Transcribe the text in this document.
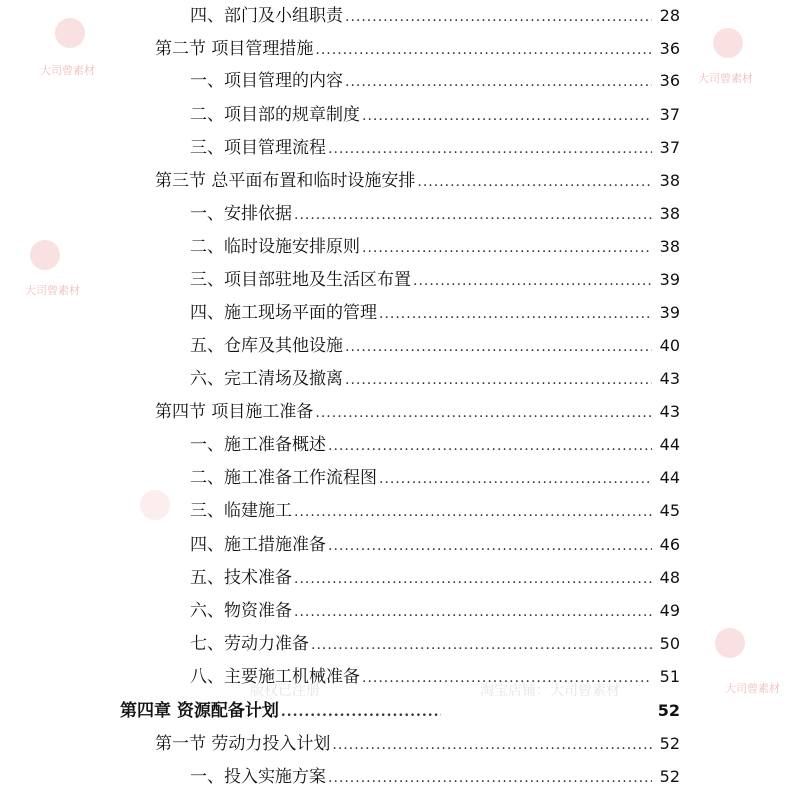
四、部门及小组职责 .....	28
第二节 项目管理措施 .....	36
一、项目管理的内容 .....	36
二、项目部的规章制度 .....	37
三、项目管理流程 .....	37
第三节 总平面布置和临时设施安排 .....	38
一、安排依据 .....	38
二、临时设施安排原则 .....	38
三、项目部驻地及生活区布置 .....	39
四、施工现场平面的管理 .....	39
五、仓库及其他设施 .....	40
六、完工清场及撤离 .....	43
第四节 项目施工准备 .....	43
一、施工准备概述 .....	44
二、施工准备工作流程图 .....	44
三、临建施工 .....	45
四、施工措施准备 .....	46
五、技术准备 .....	48
六、物资准备 .....	49
七、劳动力准备 .....	50
八、主要施工机械准备 .....	51
第四章 资源配备计划 .....	52
第一节 劳动力投入计划 .....	52
一、投入实施方案 .....	52
大司曾素材
大司曾素材
大司曾素材
大司曾素材
版权已注册	淘宝店铺：大司曾素材
